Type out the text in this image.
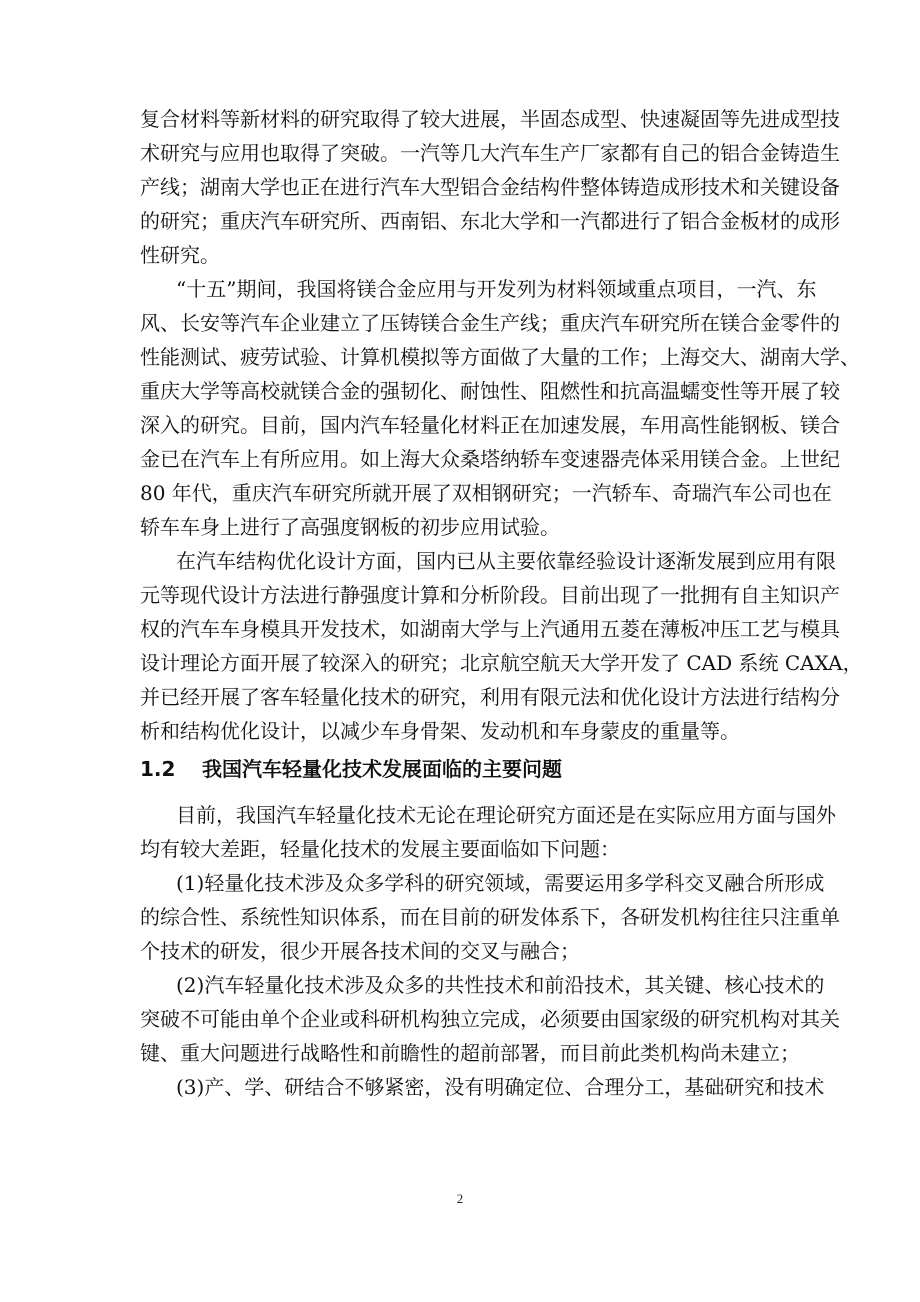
复合材料等新材料的研究取得了较大进展，半固态成型、快速凝固等先进成型技
术研究与应用也取得了突破。一汽等几大汽车生产厂家都有自己的铝合金铸造生
产线；湖南大学也正在进行汽车大型铝合金结构件整体铸造成形技术和关键设备
的研究；重庆汽车研究所、西南铝、东北大学和一汽都进行了铝合金板材的成形
性研究。
“十五”期间，我国将镁合金应用与开发列为材料领域重点项目，一汽、东
风、长安等汽车企业建立了压铸镁合金生产线；重庆汽车研究所在镁合金零件的
性能测试、疲劳试验、计算机模拟等方面做了大量的工作；上海交大、湖南大学、
重庆大学等高校就镁合金的强韧化、耐蚀性、阻燃性和抗高温蠕变性等开展了较
深入的研究。目前，国内汽车轻量化材料正在加速发展，车用高性能钢板、镁合
金已在汽车上有所应用。如上海大众桑塔纳轿车变速器壳体采用镁合金。上世纪
80 年代，重庆汽车研究所就开展了双相钢研究；一汽轿车、奇瑞汽车公司也在
轿车车身上进行了高强度钢板的初步应用试验。
在汽车结构优化设计方面，国内已从主要依靠经验设计逐渐发展到应用有限
元等现代设计方法进行静强度计算和分析阶段。目前出现了一批拥有自主知识产
权的汽车车身模具开发技术，如湖南大学与上汽通用五菱在薄板冲压工艺与模具
设计理论方面开展了较深入的研究；北京航空航天大学开发了 CAD 系统 CAXA，
并已经开展了客车轻量化技术的研究，利用有限元法和优化设计方法进行结构分
析和结构优化设计，以减少车身骨架、发动机和车身蒙皮的重量等。
1.2 我国汽车轻量化技术发展面临的主要问题
目前，我国汽车轻量化技术无论在理论研究方面还是在实际应用方面与国外
均有较大差距，轻量化技术的发展主要面临如下问题：
(1)轻量化技术涉及众多学科的研究领域，需要运用多学科交叉融合所形成
的综合性、系统性知识体系，而在目前的研发体系下，各研发机构往往只注重单
个技术的研发，很少开展各技术间的交叉与融合；
(2)汽车轻量化技术涉及众多的共性技术和前沿技术，其关键、核心技术的
突破不可能由单个企业或科研机构独立完成，必须要由国家级的研究机构对其关
键、重大问题进行战略性和前瞻性的超前部署，而目前此类机构尚未建立；
(3)产、学、研结合不够紧密，没有明确定位、合理分工，基础研究和技术
2
